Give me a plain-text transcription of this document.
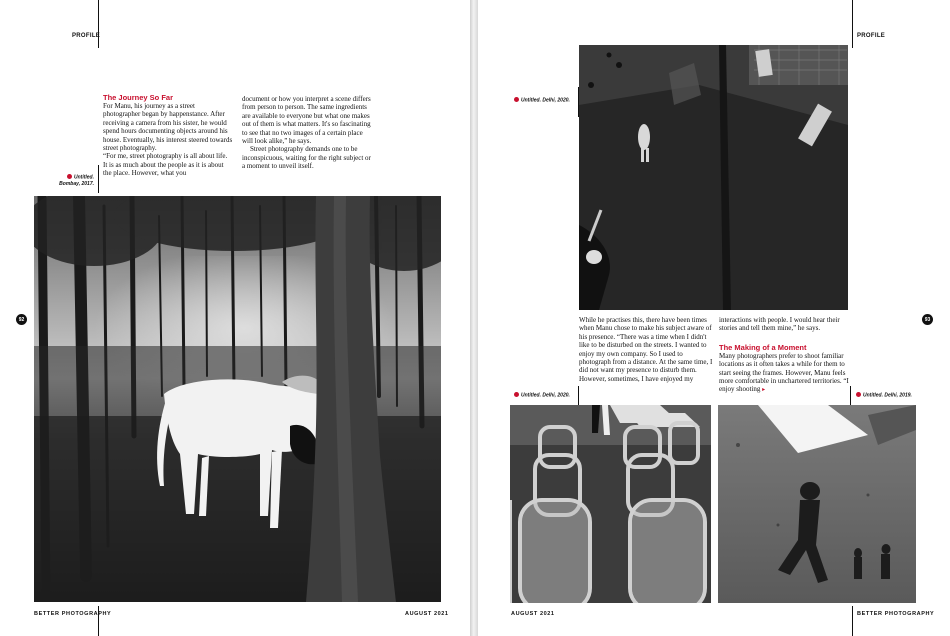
PROFILE
Untitled.
Bombay, 2017.
The Journey So Far

For Manu, his journey as a street photographer began by happenstance. After receiving a camera from his sister, he would spend hours documenting objects around his house. Eventually, his interest steered towards street photography.

“For me, street photography is all about life. It is as much about the people as it is about the place. However, what you

document or how you interpret a scene differs from person to person. The same ingredients are available to everyone but what one makes out of them is what matters. It's so fascinating to see that no two images of a certain place will look alike,” he says.

Street photography demands one to be inconspicuous, waiting for the right subject or a moment to unveil itself.

92
BETTER PHOTOGRAPHY	AUGUST 2021
PROFILE
Untitled. Delhi, 2020.

While he practises this, there have been times when Manu chose to make his subject aware of his presence. “There was a time when I didn't like to be disturbed on the streets. I wanted to enjoy my own company. So I used to photograph from a distance. At the same time, I did not want my presence to disturb them. However, sometimes, I have enjoyed my

interactions with people. I would hear their stories and tell them mine,” he says.

The Making of a Moment

Many photographers prefer to shoot familiar locations as it often takes a while for them to start seeing the frames. However, Manu feels more comfortable in unchartered territories. “I enjoy shooting ▸

Untitled. Delhi, 2020.	Untitled. Delhi, 2019.
93
AUGUST 2021	BETTER PHOTOGRAPHY
